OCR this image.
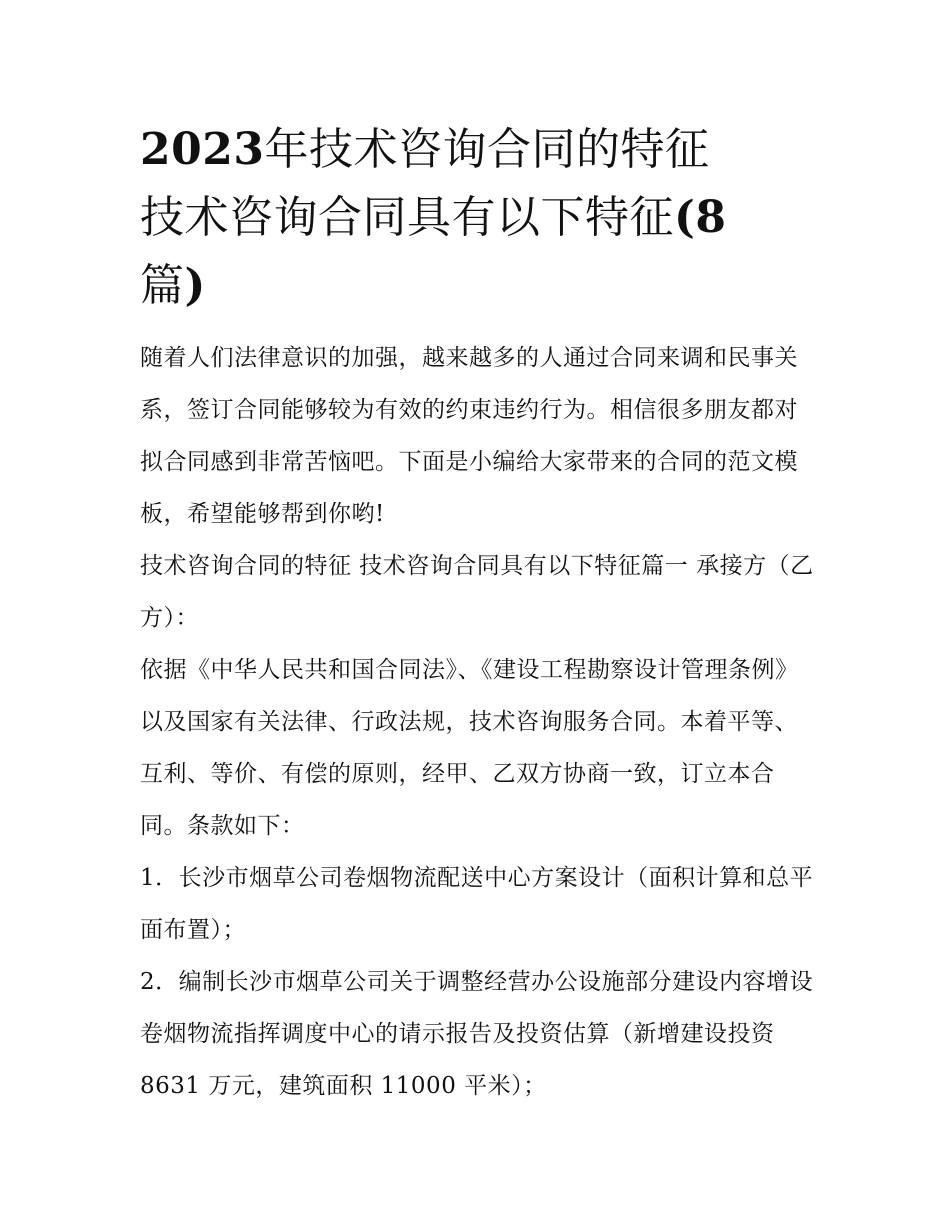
2023年技术咨询合同的特征
技术咨询合同具有以下特征(8
篇)

随着人们法律意识的加强，越来越多的人通过合同来调和民事关系，签订合同能够较为有效的约束违约行为。相信很多朋友都对拟合同感到非常苦恼吧。下面是小编给大家带来的合同的范文模板，希望能够帮到你哟!

技术咨询合同的特征 技术咨询合同具有以下特征篇一 承接方（乙方）：

依据《中华人民共和国合同法》、《建设工程勘察设计管理条例》以及国家有关法律、行政法规，技术咨询服务合同。本着平等、互利、等价、有偿的原则，经甲、乙双方协商一致，订立本合同。条款如下：

1．长沙市烟草公司卷烟物流配送中心方案设计（面积计算和总平面布置）；

2．编制长沙市烟草公司关于调整经营办公设施部分建设内容增设卷烟物流指挥调度中心的请示报告及投资估算（新增建设投资 8631 万元，建筑面积 11000 平米）；
